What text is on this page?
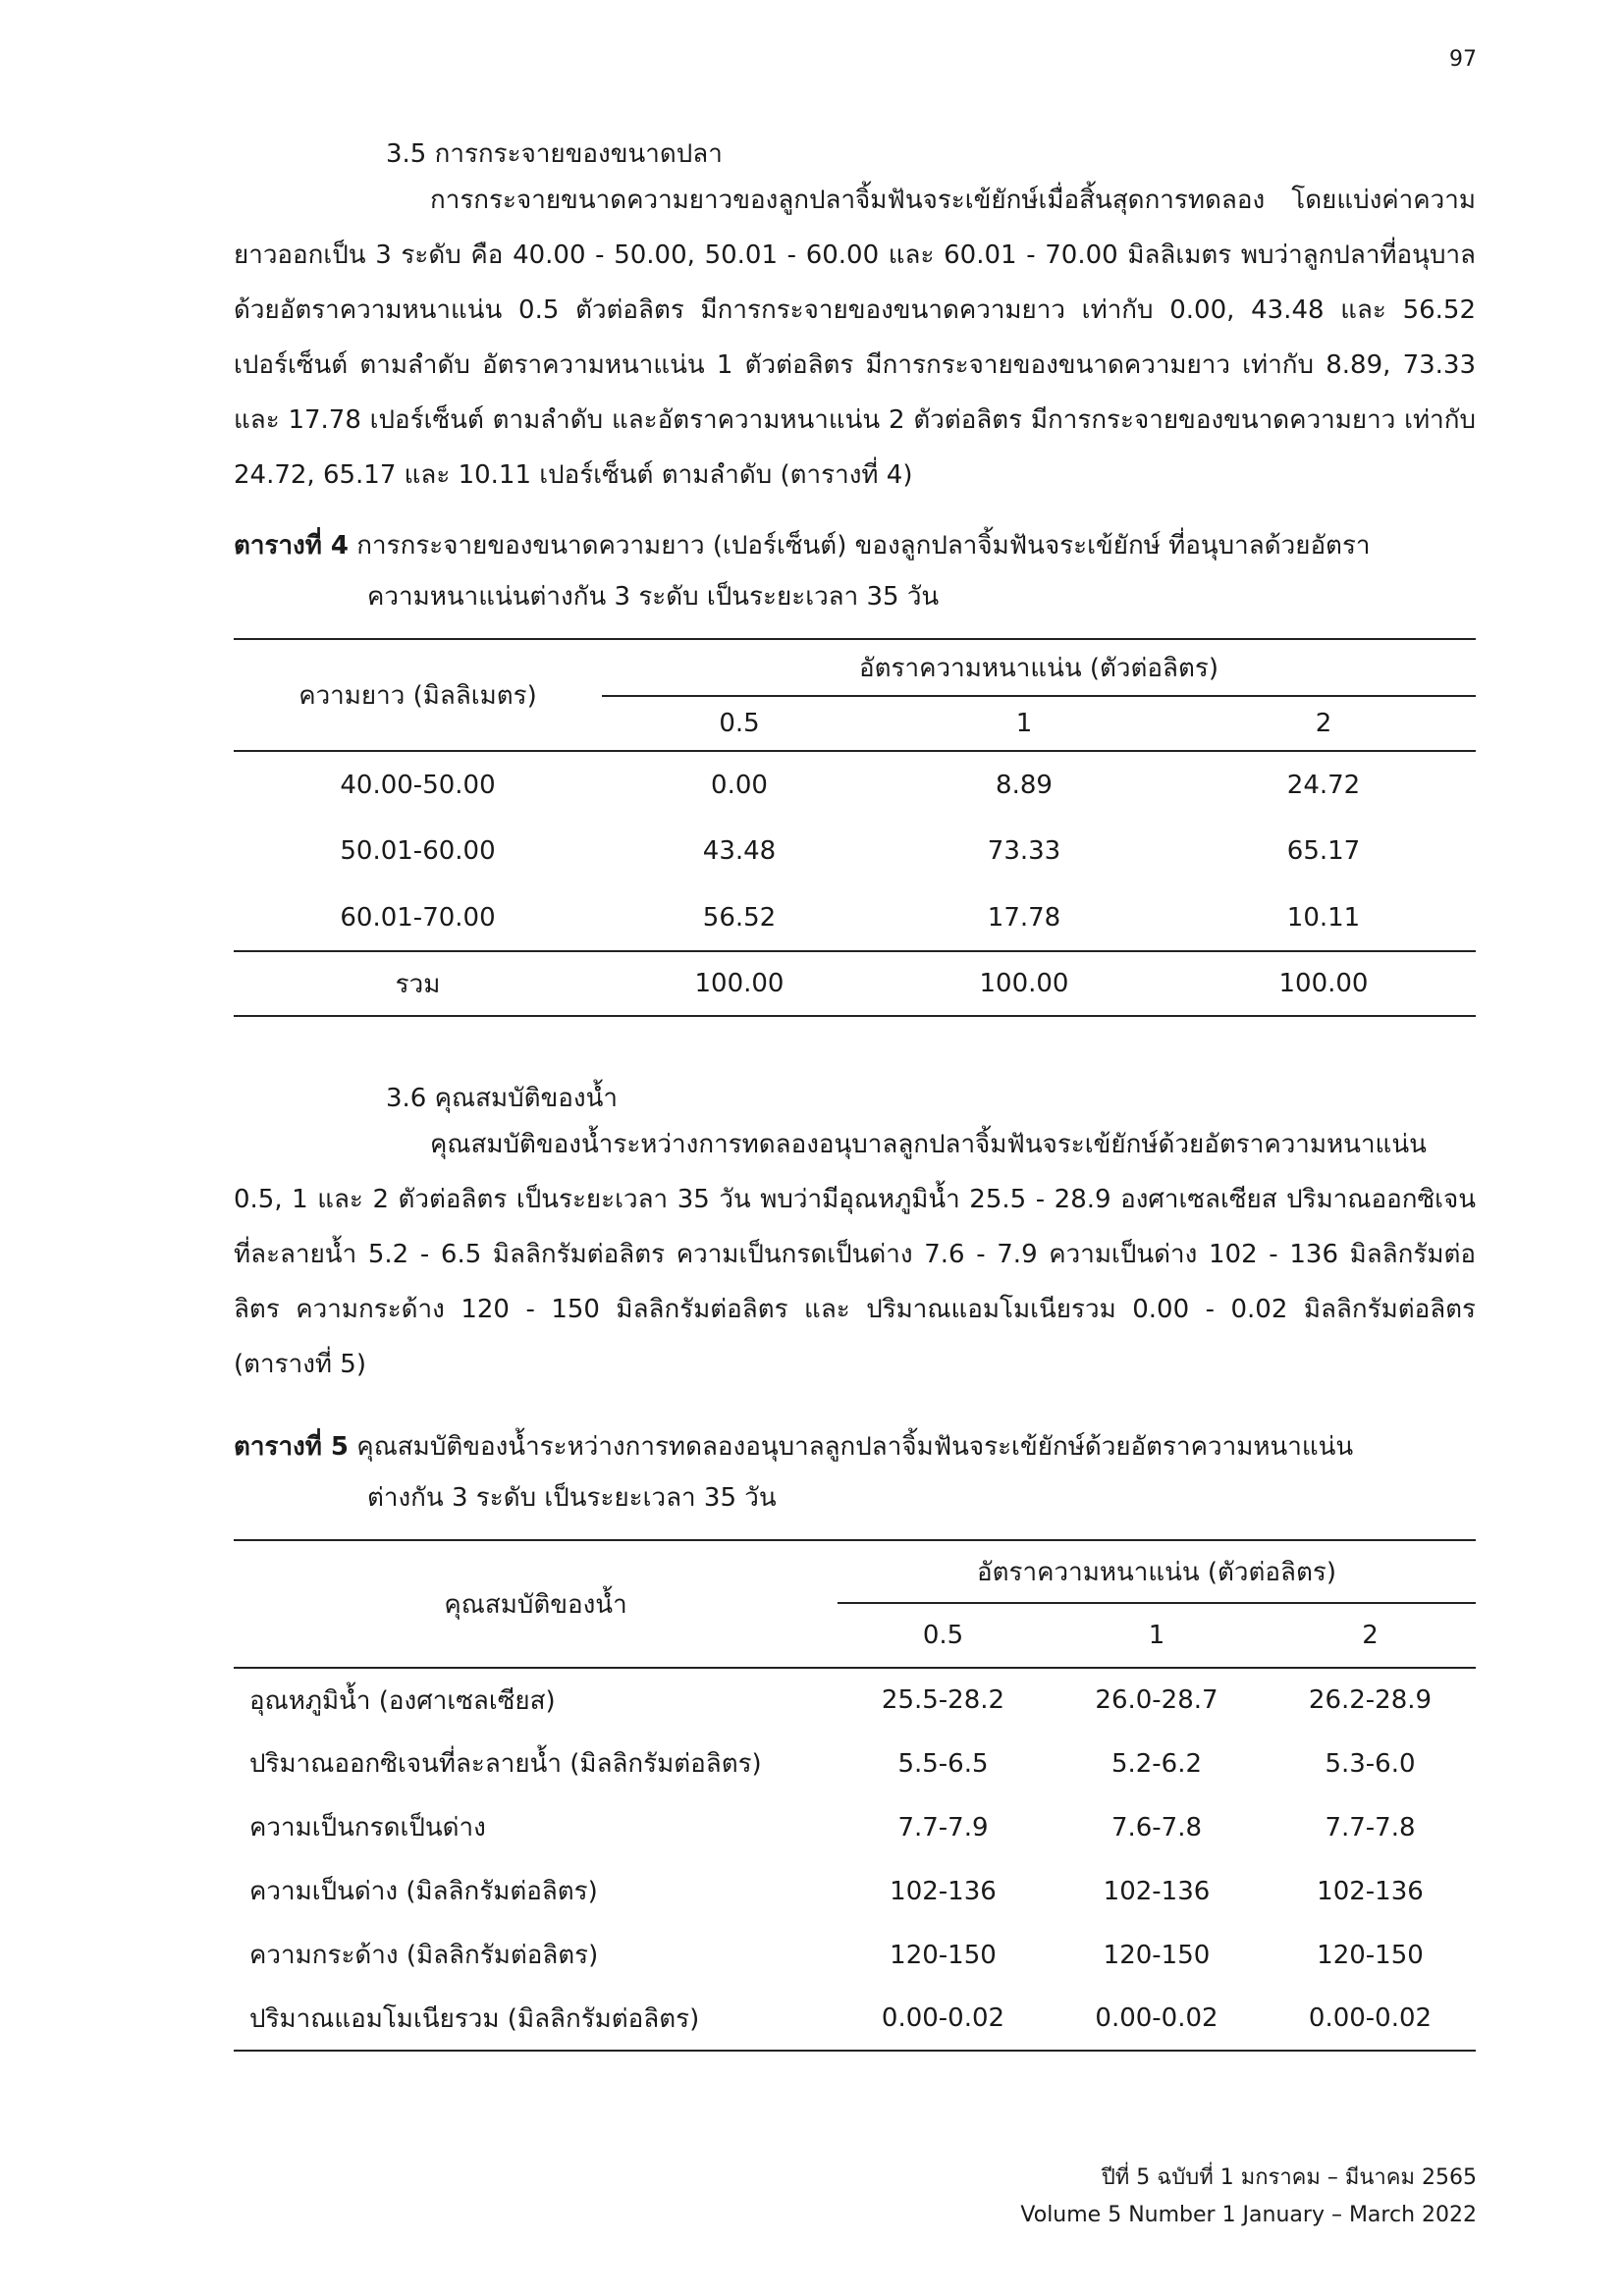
97
3.5 การกระจายของขนาดปลา
การกระจายขนาดความยาวของลูกปลาจิ้มฟันจระเข้ยักษ์เมื่อสิ้นสุดการทดลอง โดยแบ่งค่าความยาวออกเป็น 3 ระดับ คือ 40.00 - 50.00, 50.01 - 60.00 และ 60.01 - 70.00 มิลลิเมตร พบว่าลูกปลาที่อนุบาลด้วยอัตราความหนาแน่น 0.5 ตัวต่อลิตร มีการกระจายของขนาดความยาว เท่ากับ 0.00, 43.48 และ 56.52 เปอร์เซ็นต์ ตามลำดับ อัตราความหนาแน่น 1 ตัวต่อลิตร มีการกระจายของขนาดความยาว เท่ากับ 8.89, 73.33 และ 17.78 เปอร์เซ็นต์ ตามลำดับ และอัตราความหนาแน่น 2 ตัวต่อลิตร มีการกระจายของขนาดความยาว เท่ากับ 24.72, 65.17 และ 10.11 เปอร์เซ็นต์ ตามลำดับ (ตารางที่ 4)
ตารางที่ 4 การกระจายของขนาดความยาว (เปอร์เซ็นต์) ของลูกปลาจิ้มฟันจระเข้ยักษ์ ที่อนุบาลด้วยอัตรา
ความหนาแน่นต่างกัน 3 ระดับ เป็นระยะเวลา 35 วัน
ความยาว (มิลลิเมตร)	อัตราความหนาแน่น (ตัวต่อลิตร)		
	0.5	1	2
40.00-50.00	0.00	8.89	24.72
50.01-60.00	43.48	73.33	65.17
60.01-70.00	56.52	17.78	10.11
รวม	100.00	100.00	100.00
3.6 คุณสมบัติของน้ำ
คุณสมบัติของน้ำระหว่างการทดลองอนุบาลลูกปลาจิ้มฟันจระเข้ยักษ์ด้วยอัตราความหนาแน่น 0.5, 1 และ 2 ตัวต่อลิตร เป็นระยะเวลา 35 วัน พบว่ามีอุณหภูมิน้ำ 25.5 - 28.9 องศาเซลเซียส ปริมาณออกซิเจนที่ละลายน้ำ 5.2 - 6.5 มิลลิกรัมต่อลิตร ความเป็นกรดเป็นด่าง 7.6 - 7.9 ความเป็นด่าง 102 - 136 มิลลิกรัมต่อลิตร ความกระด้าง 120 - 150 มิลลิกรัมต่อลิตร และ ปริมาณแอมโมเนียรวม 0.00 - 0.02 มิลลิกรัมต่อลิตร (ตารางที่ 5)
ตารางที่ 5 คุณสมบัติของน้ำระหว่างการทดลองอนุบาลลูกปลาจิ้มฟันจระเข้ยักษ์ด้วยอัตราความหนาแน่น
ต่างกัน 3 ระดับ เป็นระยะเวลา 35 วัน
คุณสมบัติของน้ำ	อัตราความหนาแน่น (ตัวต่อลิตร)		
	0.5	1	2
อุณหภูมิน้ำ (องศาเซลเซียส)	25.5-28.2	26.0-28.7	26.2-28.9
ปริมาณออกซิเจนที่ละลายน้ำ (มิลลิกรัมต่อลิตร)	5.5-6.5	5.2-6.2	5.3-6.0
ความเป็นกรดเป็นด่าง	7.7-7.9	7.6-7.8	7.7-7.8
ความเป็นด่าง (มิลลิกรัมต่อลิตร)	102-136	102-136	102-136
ความกระด้าง (มิลลิกรัมต่อลิตร)	120-150	120-150	120-150
ปริมาณแอมโมเนียรวม (มิลลิกรัมต่อลิตร)	0.00-0.02	0.00-0.02	0.00-0.02
ปีที่ 5 ฉบับที่ 1 มกราคม – มีนาคม 2565
Volume 5 Number 1 January – March 2022
